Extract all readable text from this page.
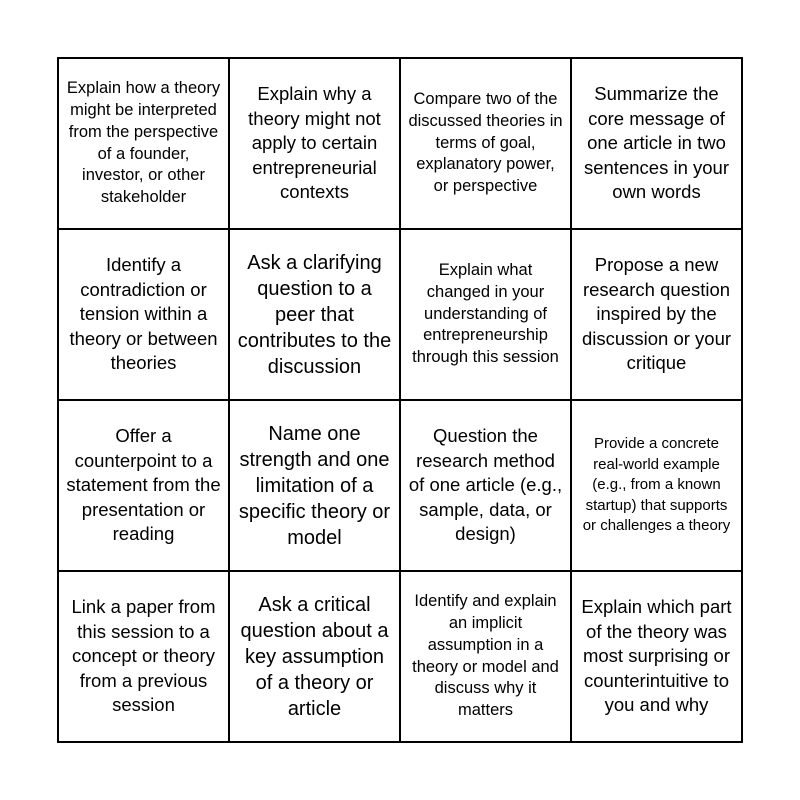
Explain how a theory might be interpreted from the perspective of a founder, investor, or other stakeholder
Explain why a theory might not apply to certain entrepreneurial contexts
Compare two of the discussed theories in terms of goal, explanatory power, or perspective
Summarize the core message of one article in two sentences in your own words
Identify a contradiction or tension within a theory or between theories
Ask a clarifying question to a peer that contributes to the discussion
Explain what changed in your understanding of entrepreneurship through this session
Propose a new research question inspired by the discussion or your critique
Offer a counterpoint to a statement from the presentation or reading
Name one strength and one limitation of a specific theory or model
Question the research method of one article (e.g., sample, data, or design)
Provide a concrete real-world example (e.g., from a known startup) that supports or challenges a theory
Link a paper from this session to a concept or theory from a previous session
Ask a critical question about a key assumption of a theory or article
Identify and explain an implicit assumption in a theory or model and discuss why it matters
Explain which part of the theory was most surprising or counterintuitive to you and why
